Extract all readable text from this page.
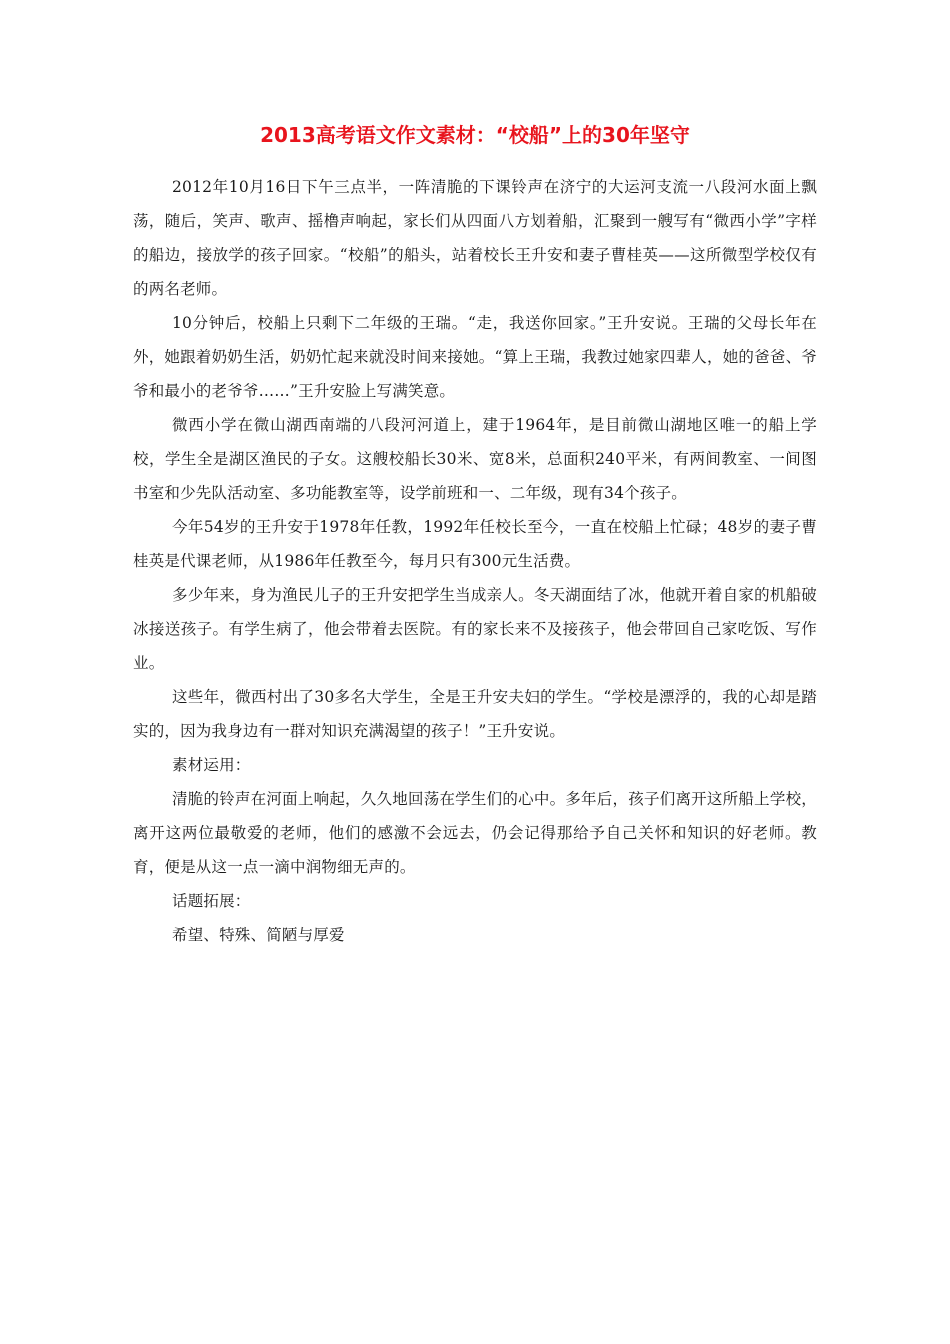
2013高考语文作文素材：“校船”上的30年坚守

2012年10月16日下午三点半，一阵清脆的下课铃声在济宁的大运河支流一八段河水面上飘荡，随后，笑声、歌声、摇橹声响起，家长们从四面八方划着船，汇聚到一艘写有“微西小学”字样的船边，接放学的孩子回家。“校船”的船头，站着校长王升安和妻子曹桂英——这所微型学校仅有的两名老师。

10分钟后，校船上只剩下二年级的王瑞。“走，我送你回家。”王升安说。王瑞的父母长年在外，她跟着奶奶生活，奶奶忙起来就没时间来接她。“算上王瑞，我教过她家四辈人，她的爸爸、爷爷和最小的老爷爷……”王升安脸上写满笑意。

微西小学在微山湖西南端的八段河河道上，建于1964年，是目前微山湖地区唯一的船上学校，学生全是湖区渔民的子女。这艘校船长30米、宽8米，总面积240平米，有两间教室、一间图书室和少先队活动室、多功能教室等，设学前班和一、二年级，现有34个孩子。

今年54岁的王升安于1978年任教，1992年任校长至今，一直在校船上忙碌；48岁的妻子曹桂英是代课老师，从1986年任教至今，每月只有300元生活费。

多少年来，身为渔民儿子的王升安把学生当成亲人。冬天湖面结了冰，他就开着自家的机船破冰接送孩子。有学生病了，他会带着去医院。有的家长来不及接孩子，他会带回自己家吃饭、写作业。

这些年，微西村出了30多名大学生，全是王升安夫妇的学生。“学校是漂浮的，我的心却是踏实的，因为我身边有一群对知识充满渴望的孩子！”王升安说。

素材运用：

清脆的铃声在河面上响起，久久地回荡在学生们的心中。多年后，孩子们离开这所船上学校，离开这两位最敬爱的老师，他们的感激不会远去，仍会记得那给予自己关怀和知识的好老师。教育，便是从这一点一滴中润物细无声的。

话题拓展：

希望、特殊、简陋与厚爱
